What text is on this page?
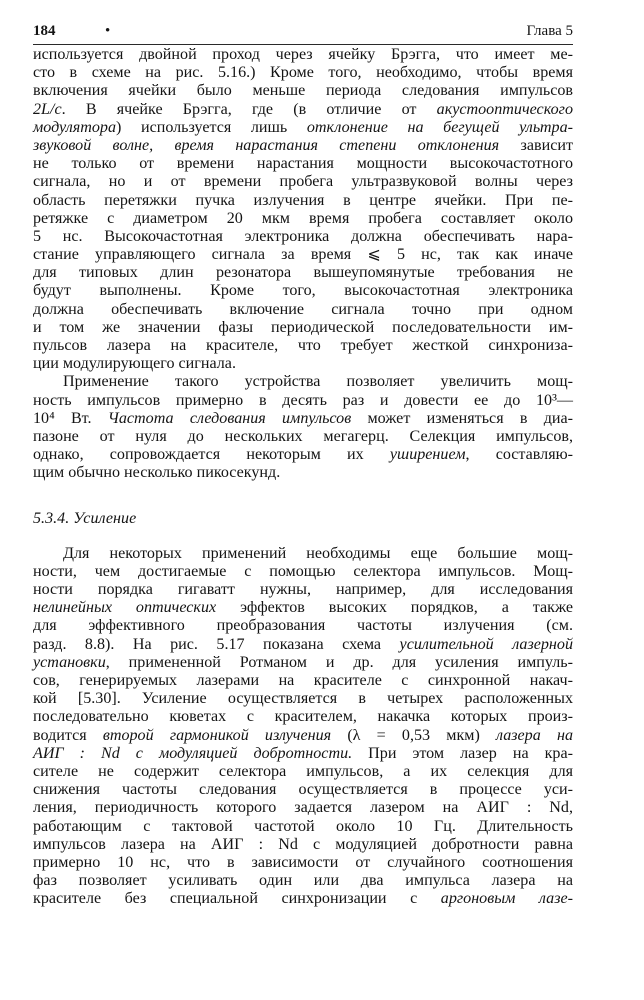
184	•	Глава 5
используется двойной проход через ячейку Брэгга, что имеет ме-
сто в схеме на рис. 5.16.) Кроме того, необходимо, чтобы время
включения ячейки было меньше периода следования импульсов
2L/c. В ячейке Брэгга, где (в отличие от акустооптического
модулятора) используется лишь отклонение на бегущей ультра-
звуковой волне, время нарастания степени отклонения зависит
не только от времени нарастания мощности высокочастотного
сигнала, но и от времени пробега ультразвуковой волны через
область перетяжки пучка излучения в центре ячейки. При пе-
ретяжке с диаметром 20 мкм время пробега составляет около
5 нс. Высокочастотная электроника должна обеспечивать нара-
стание управляющего сигнала за время ⩽ 5 нс, так как иначе
для типовых длин резонатора вышеупомянутые требования не
будут выполнены. Кроме того, высокочастотная электроника
должна обеспечивать включение сигнала точно при одном
и том же значении фазы периодической последовательности им-
пульсов лазера на красителе, что требует жесткой синхрониза-
ции модулирующего сигнала.
Применение такого устройства позволяет увеличить мощ-
ность импульсов примерно в десять раз и довести ее до 10³—
10⁴ Вт. Частота следования импульсов может изменяться в диа-
пазоне от нуля до нескольких мегагерц. Селекция импульсов,
однако, сопровождается некоторым их уширением, составляю-
щим обычно несколько пикосекунд.
5.3.4. Усиление
Для некоторых применений необходимы еще большие мощ-
ности, чем достигаемые с помощью селектора импульсов. Мощ-
ности порядка гигаватт нужны, например, для исследования
нелинейных оптических эффектов высоких порядков, а также
для эффективного преобразования частоты излучения (см.
разд. 8.8). На рис. 5.17 показана схема усилительной лазерной
установки, примененной Ротманом и др. для усиления импуль-
сов, генерируемых лазерами на красителе с синхронной накач-
кой [5.30]. Усиление осуществляется в четырех расположенных
последовательно кюветах с красителем, накачка которых произ-
водится второй гармоникой излучения (λ = 0,53 мкм) лазера на
АИГ : Nd с модуляцией добротности. При этом лазер на кра-
сителе не содержит селектора импульсов, а их селекция для
снижения частоты следования осуществляется в процессе уси-
ления, периодичность которого задается лазером на АИГ : Nd,
работающим с тактовой частотой около 10 Гц. Длительность
импульсов лазера на АИГ : Nd с модуляцией добротности равна
примерно 10 нс, что в зависимости от случайного соотношения
фаз позволяет усиливать один или два импульса лазера на
красителе без специальной синхронизации с аргоновым лазе-
